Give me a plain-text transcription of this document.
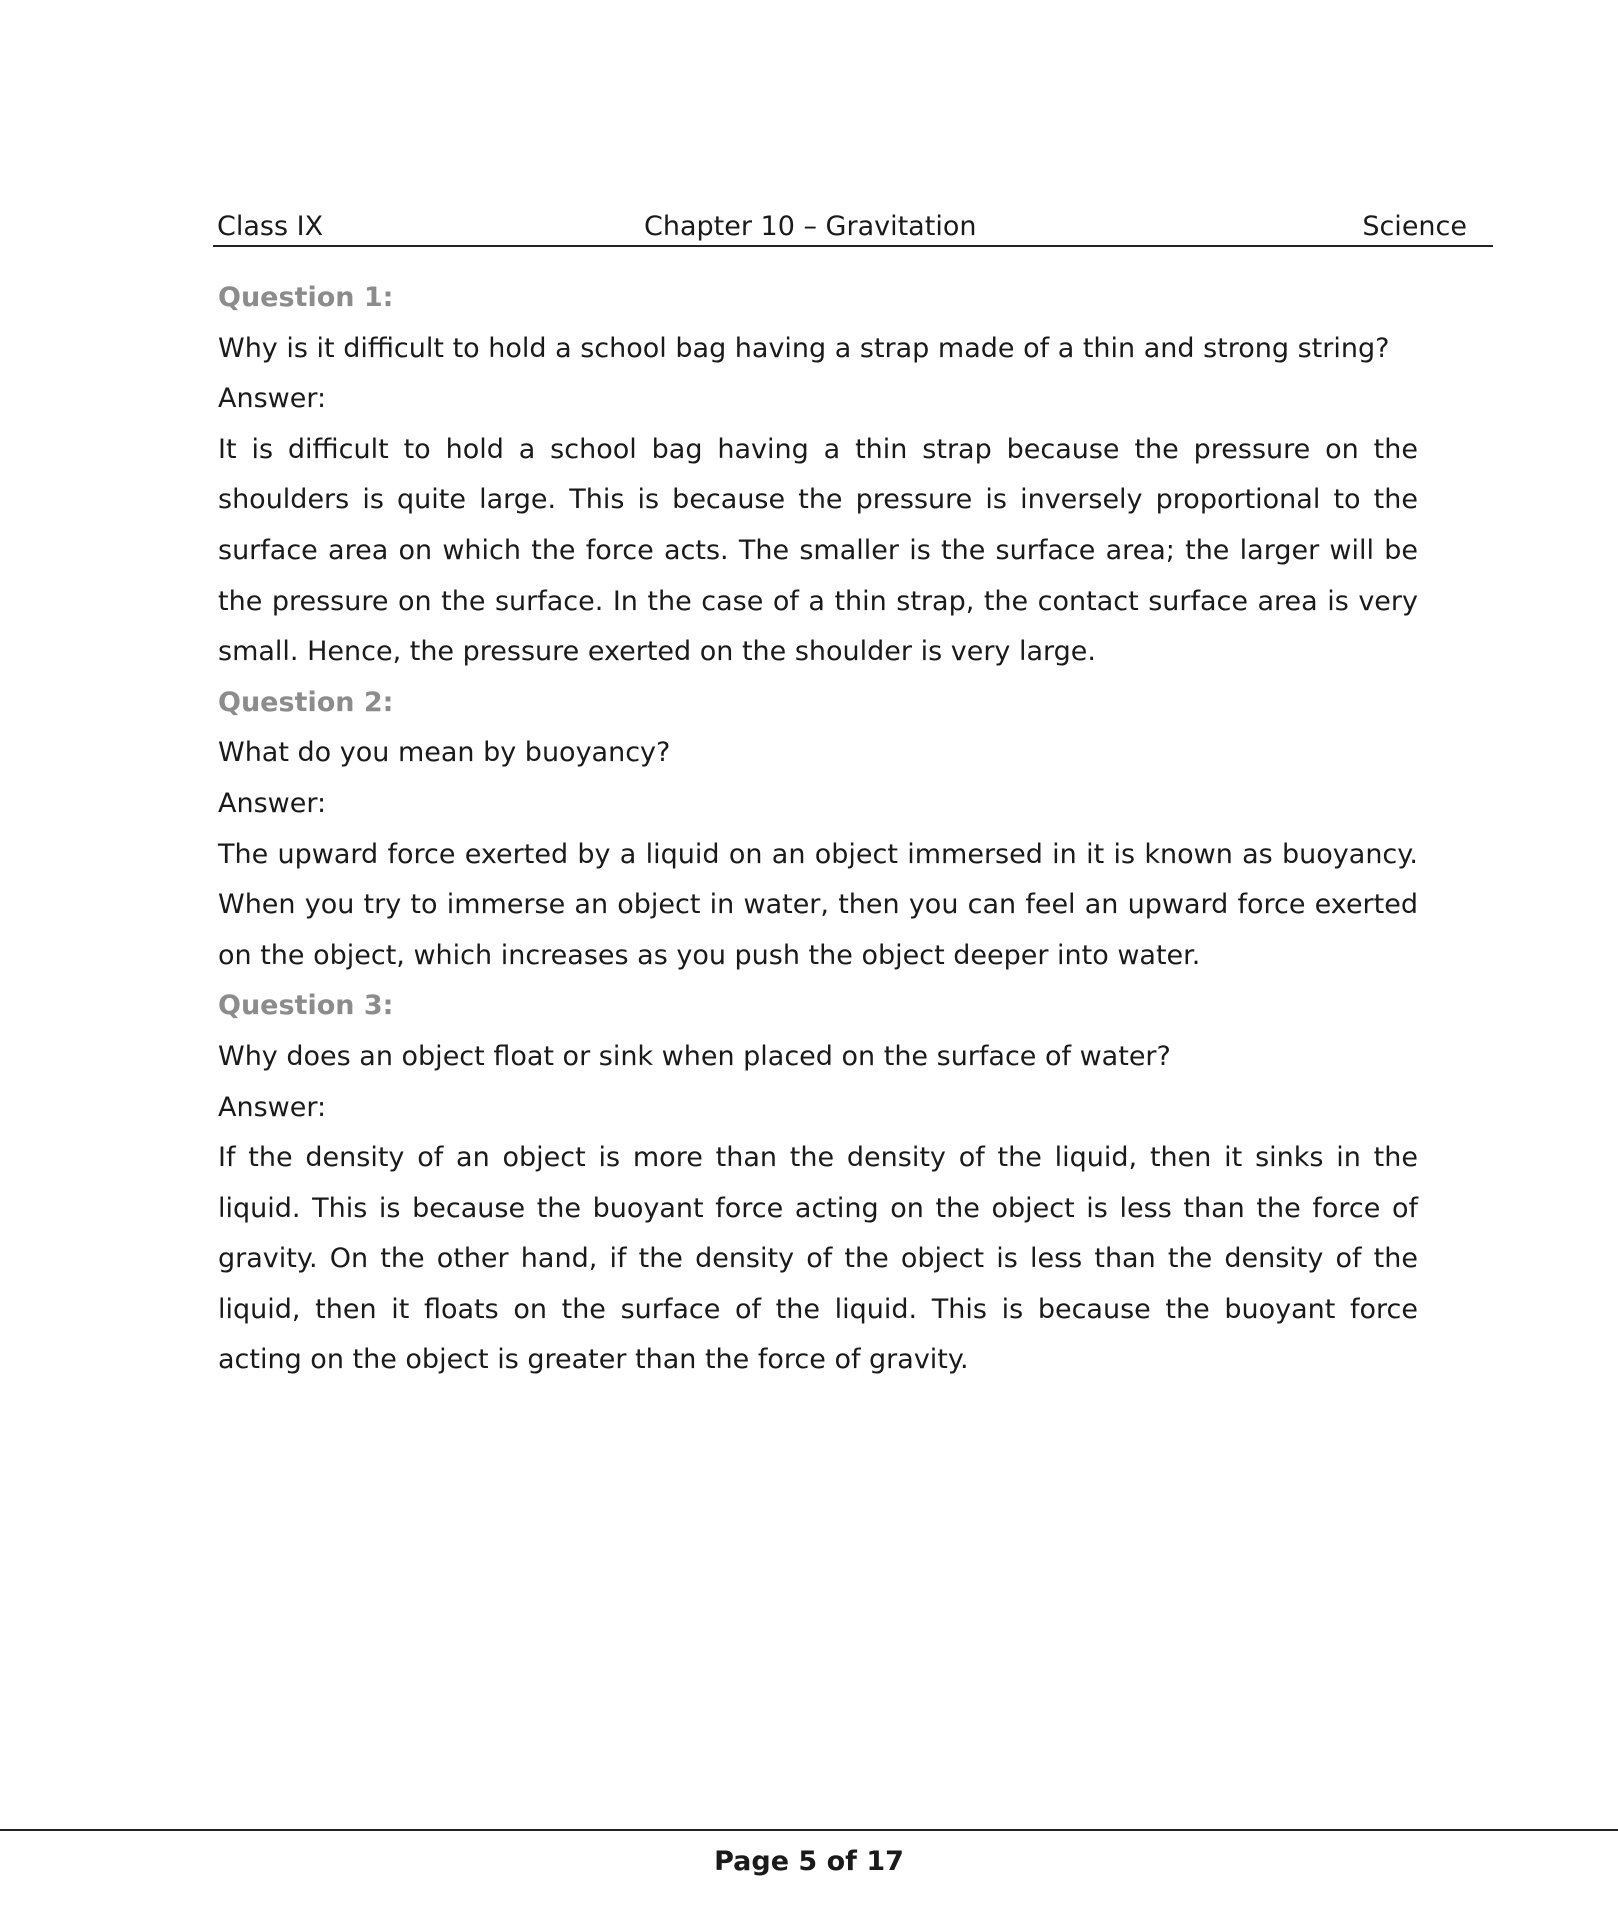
Class IX	Chapter 10 – Gravitation	Science

Question 1:

Why is it difficult to hold a school bag having a strap made of a thin and strong string?

Answer:

It is difficult to hold a school bag having a thin strap because the pressure on the shoulders is quite large. This is because the pressure is inversely proportional to the surface area on which the force acts. The smaller is the surface area; the larger will be the pressure on the surface. In the case of a thin strap, the contact surface area is very small. Hence, the pressure exerted on the shoulder is very large.

Question 2:

What do you mean by buoyancy?

Answer:

The upward force exerted by a liquid on an object immersed in it is known as buoyancy. When you try to immerse an object in water, then you can feel an upward force exerted on the object, which increases as you push the object deeper into water.

Question 3:

Why does an object float or sink when placed on the surface of water?

Answer:

If the density of an object is more than the density of the liquid, then it sinks in the liquid. This is because the buoyant force acting on the object is less than the force of gravity. On the other hand, if the density of the object is less than the density of the liquid, then it floats on the surface of the liquid. This is because the buoyant force acting on the object is greater than the force of gravity.

Page 5 of 17
